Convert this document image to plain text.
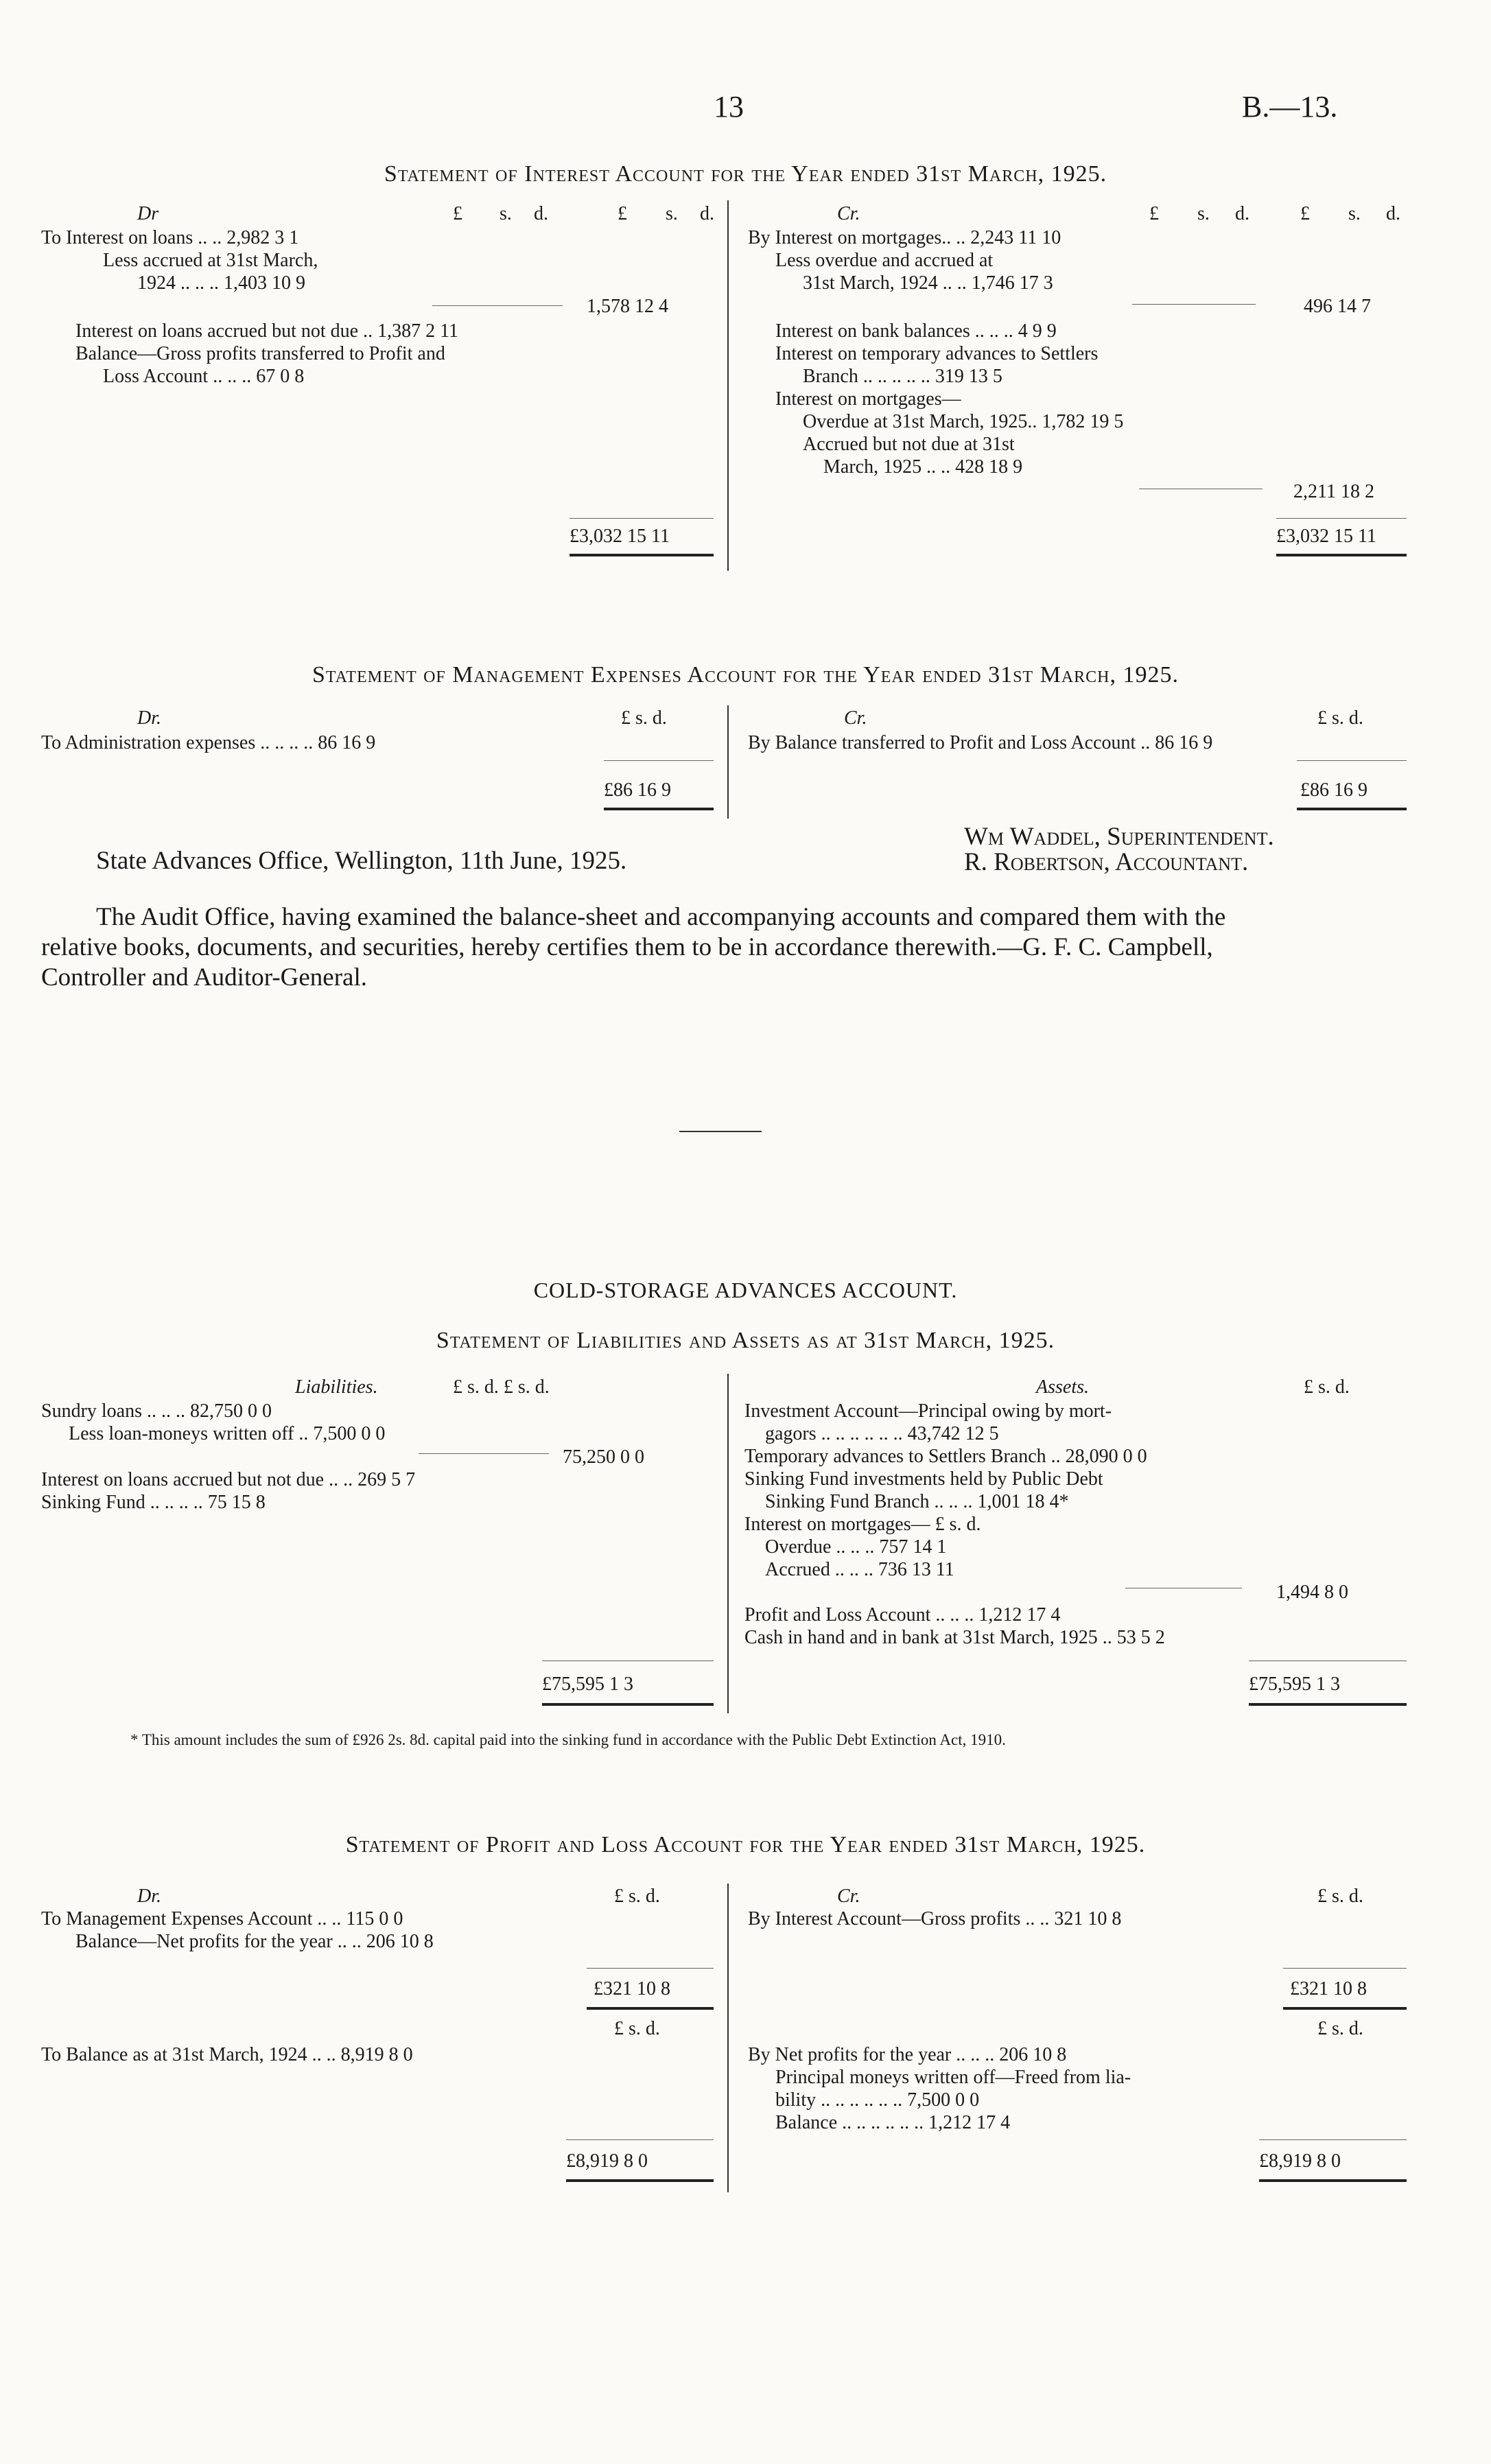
13	B.—13.
Statement of Interest Account for the Year ended 31st March, 1925.
Dr	£ s. d.	£ s. d.
To Interest on loans .. .. 2,982 3 1
Less accrued at 31st March,
1924 .. .. .. 1,403 10 9
1,578 12 4
Interest on loans accrued but not due .. 1,387 2 11
Balance—Gross profits transferred to Profit and
Loss Account .. .. .. 67 0 8
£3,032 15 11
Cr.	£ s. d.	£ s. d.
By Interest on mortgages.. .. 2,243 11 10
Less overdue and accrued at
31st March, 1924 .. .. 1,746 17 3
496 14 7
Interest on bank balances .. .. .. 4 9 9
Interest on temporary advances to Settlers
Branch .. .. .. .. .. 319 13 5
Interest on mortgages—
Overdue at 31st March, 1925.. 1,782 19 5
Accrued but not due at 31st
March, 1925 .. .. 428 18 9
2,211 18 2
£3,032 15 11
Statement of Management Expenses Account for the Year ended 31st March, 1925.
Dr.	£ s. d.
To Administration expenses .. .. .. .. 86 16 9
£86 16 9
Cr.	£ s. d.
By Balance transferred to Profit and Loss Account .. 86 16 9
£86 16 9
State Advances Office, Wellington, 11th June, 1925.
Wm Waddel, Superintendent.
R. Robertson, Accountant.
The Audit Office, having examined the balance-sheet and accompanying accounts and compared them with the
relative books, documents, and securities, hereby certifies them to be in accordance therewith.—G. F. C. Campbell,
Controller and Auditor-General.
COLD-STORAGE ADVANCES ACCOUNT.
Statement of Liabilities and Assets as at 31st March, 1925.
Liabilities.	£ s. d. £ s. d.
Sundry loans .. .. .. 82,750 0 0
Less loan-moneys written off .. 7,500 0 0
75,250 0 0
Interest on loans accrued but not due .. .. 269 5 7
Sinking Fund .. .. .. .. 75 15 8
£75,595 1 3
Assets.	£ s. d.
Investment Account—Principal owing by mort-
gagors .. .. .. .. .. .. 43,742 12 5
Temporary advances to Settlers Branch .. 28,090 0 0
Sinking Fund investments held by Public Debt
Sinking Fund Branch .. .. .. 1,001 18 4*
Interest on mortgages— £ s. d.
Overdue .. .. .. 757 14 1
Accrued .. .. .. 736 13 11
1,494 8 0
Profit and Loss Account .. .. .. 1,212 17 4
Cash in hand and in bank at 31st March, 1925 .. 53 5 2
£75,595 1 3
* This amount includes the sum of £926 2s. 8d. capital paid into the sinking fund in accordance with the Public Debt Extinction Act, 1910.
Statement of Profit and Loss Account for the Year ended 31st March, 1925.
Dr.	£ s. d.
To Management Expenses Account .. .. 115 0 0
Balance—Net profits for the year .. .. 206 10 8
£321 10 8
£ s. d.
To Balance as at 31st March, 1924 .. .. 8,919 8 0
£8,919 8 0
Cr.	£ s. d.
By Interest Account—Gross profits .. .. 321 10 8
£321 10 8
£ s. d.
By Net profits for the year .. .. .. 206 10 8
Principal moneys written off—Freed from lia-
bility .. .. .. .. .. .. 7,500 0 0
Balance .. .. .. .. .. .. 1,212 17 4
£8,919 8 0
